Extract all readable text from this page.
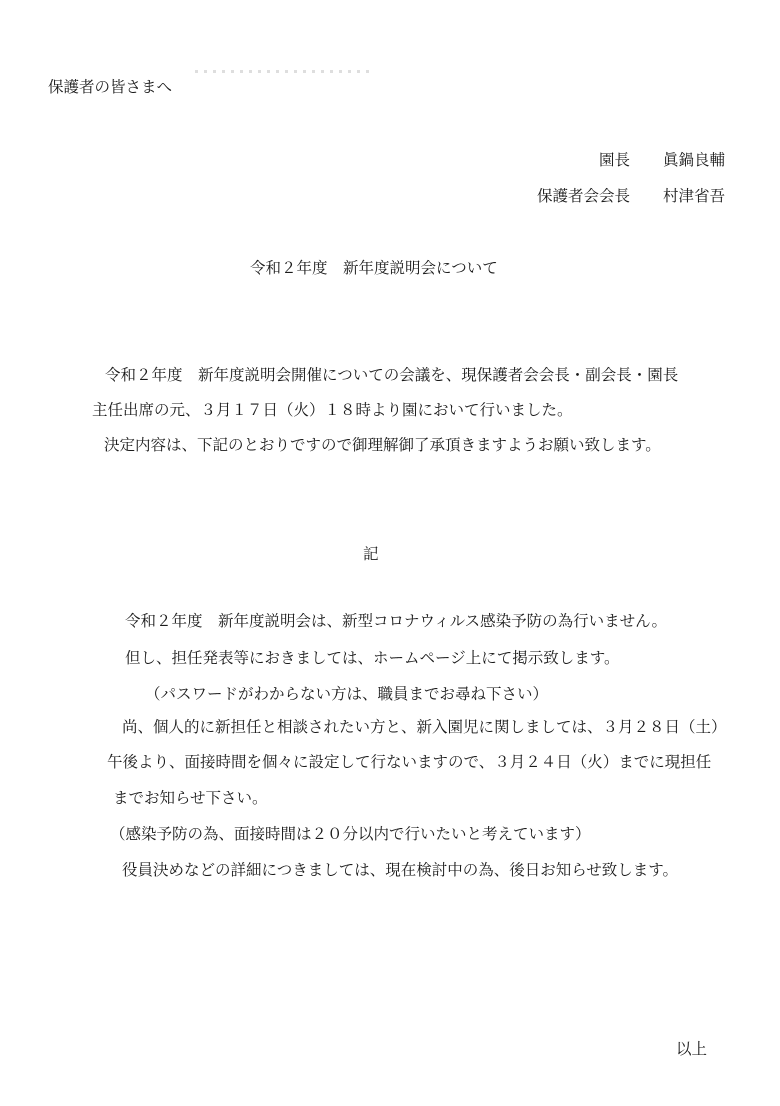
保護者の皆さまへ
園長 眞鍋良輔
保護者会会長 村津省吾
令和２年度　新年度説明会について
令和２年度　新年度説明会開催についての会議を、現保護者会会長・副会長・園長
主任出席の元、３月１７日（火）１８時より園において行いました。
決定内容は、下記のとおりですので御理解御了承頂きますようお願い致します。
記
令和２年度　新年度説明会は、新型コロナウィルス感染予防の為行いません。
但し、担任発表等におきましては、ホームページ上にて掲示致します。
（パスワードがわからない方は、職員までお尋ね下さい）
尚、個人的に新担任と相談されたい方と、新入園児に関しましては、３月２８日（土）
午後より、面接時間を個々に設定して行ないますので、３月２４日（火）までに現担任
までお知らせ下さい。
（感染予防の為、面接時間は２０分以内で行いたいと考えています）
役員決めなどの詳細につきましては、現在検討中の為、後日お知らせ致します。
以上
